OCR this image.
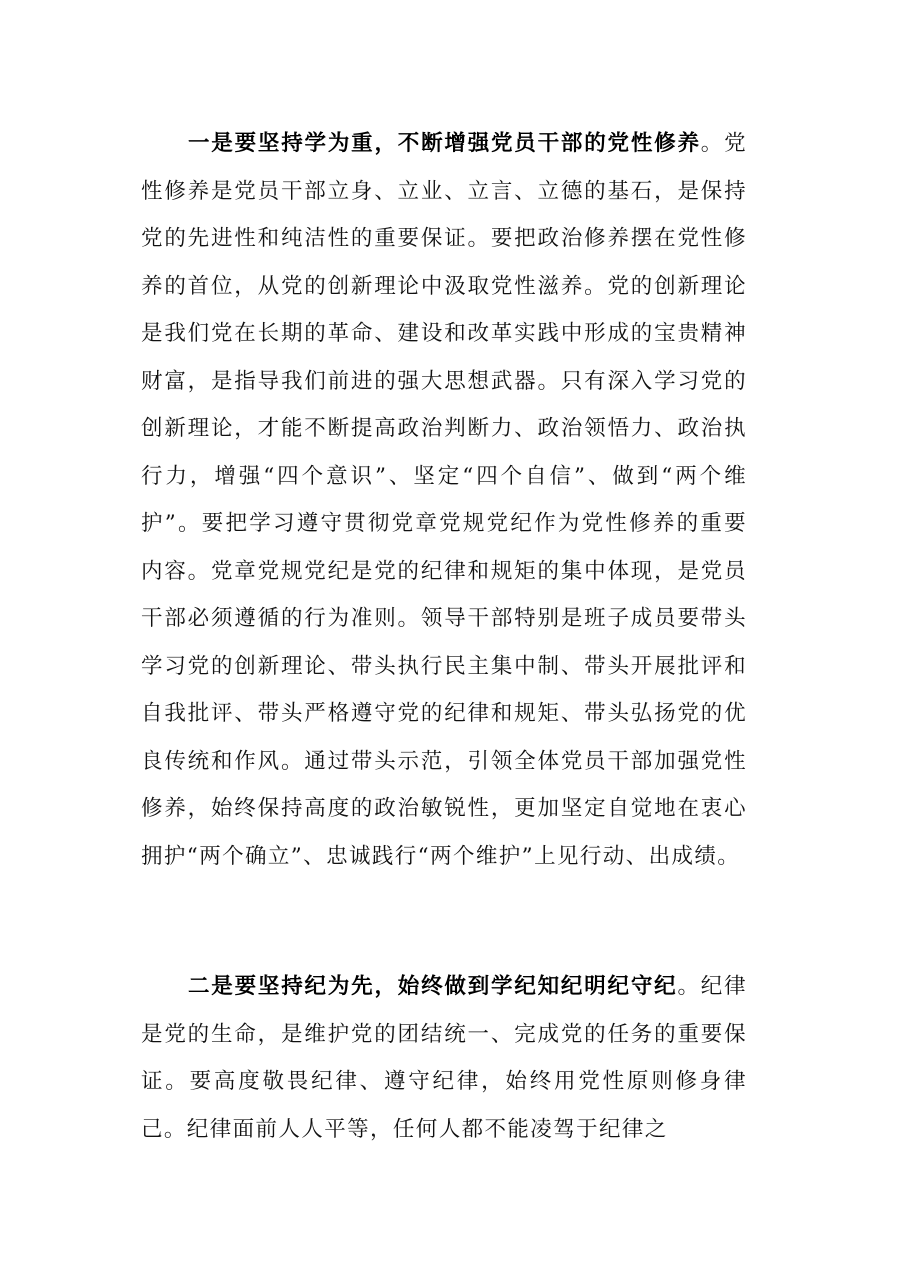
一是要坚持学为重，不断增强党员干部的党性修养。党性修养是党员干部立身、立业、立言、立德的基石，是保持党的先进性和纯洁性的重要保证。要把政治修养摆在党性修养的首位，从党的创新理论中汲取党性滋养。党的创新理论是我们党在长期的革命、建设和改革实践中形成的宝贵精神财富，是指导我们前进的强大思想武器。只有深入学习党的创新理论，才能不断提高政治判断力、政治领悟力、政治执行力，增强“四个意识”、坚定“四个自信”、做到“两个维护”。要把学习遵守贯彻党章党规党纪作为党性修养的重要内容。党章党规党纪是党的纪律和规矩的集中体现，是党员干部必须遵循的行为准则。领导干部特别是班子成员要带头学习党的创新理论、带头执行民主集中制、带头开展批评和自我批评、带头严格遵守党的纪律和规矩、带头弘扬党的优良传统和作风。通过带头示范，引领全体党员干部加强党性修养，始终保持高度的政治敏锐性，更加坚定自觉地在衷心拥护“两个确立”、忠诚践行“两个维护”上见行动、出成绩。

二是要坚持纪为先，始终做到学纪知纪明纪守纪。纪律是党的生命，是维护党的团结统一、完成党的任务的重要保证。要高度敬畏纪律、遵守纪律，始终用党性原则修身律己。纪律面前人人平等，任何人都不能凌驾于纪律之
